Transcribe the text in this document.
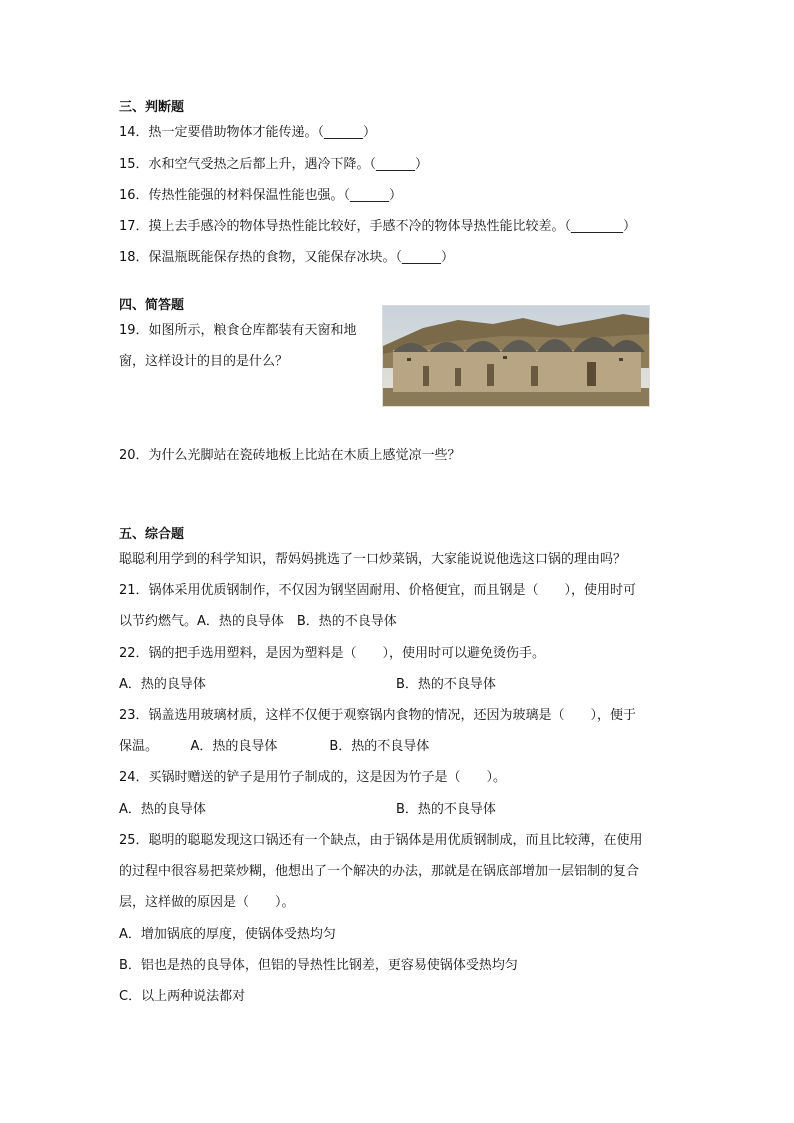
三、判断题
14．热一定要借助物体才能传递。（______）
15．水和空气受热之后都上升，遇冷下降。（______）
16．传热性能强的材料保温性能也强。（______）
17．摸上去手感冷的物体导热性能比较好，手感不冷的物体导热性能比较差。（________）
18．保温瓶既能保存热的食物，又能保存冰块。（______）
四、简答题
19．如图所示，粮食仓库都装有天窗和地
窗，这样设计的目的是什么？
20．为什么光脚站在瓷砖地板上比站在木质上感觉凉一些？
五、综合题
聪聪利用学到的科学知识，帮妈妈挑选了一口炒菜锅，大家能说说他选这口锅的理由吗？
21．锅体采用优质钢制作，不仅因为钢坚固耐用、价格便宜，而且钢是（　　），使用时可
以节约燃气。A．热的良导体　B．热的不良导体
22．锅的把手选用塑料，是因为塑料是（　　），使用时可以避免烫伤手。
A．热的良导体	B．热的不良导体
23．锅盖选用玻璃材质，这样不仅便于观察锅内食物的情况，还因为玻璃是（　　），便于
保温。　　　A．热的良导体　　　　B．热的不良导体
24．买锅时赠送的铲子是用竹子制成的，这是因为竹子是（　　）。
A．热的良导体	B．热的不良导体
25．聪明的聪聪发现这口锅还有一个缺点，由于锅体是用优质钢制成，而且比较薄，在使用
的过程中很容易把菜炒糊，他想出了一个解决的办法，那就是在锅底部增加一层铝制的复合
层，这样做的原因是（　　）。
A．增加锅底的厚度，使锅体受热均匀
B．铝也是热的良导体，但铝的导热性比钢差，更容易使锅体受热均匀
C．以上两种说法都对
